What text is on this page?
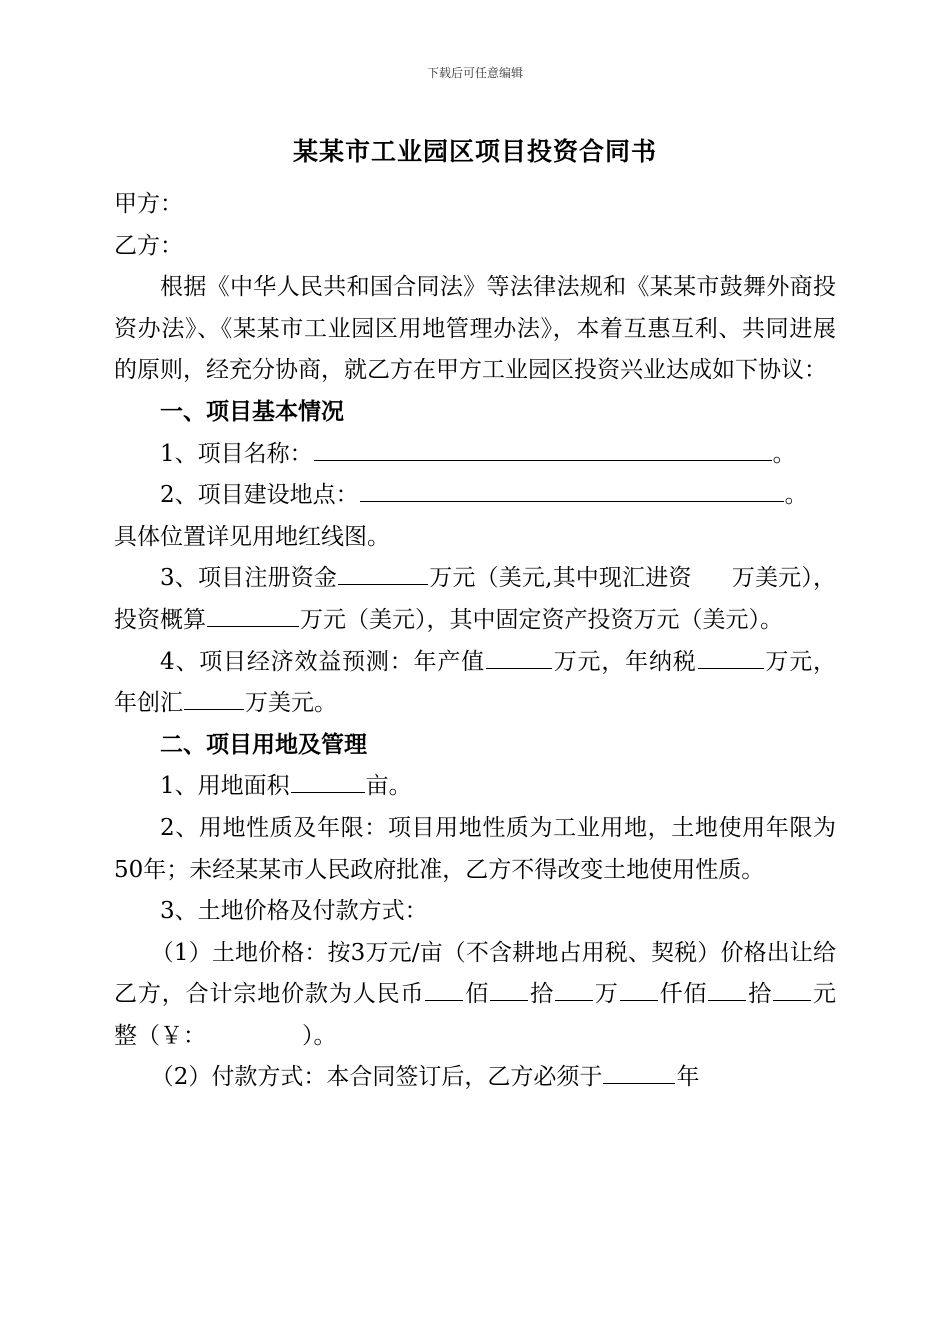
下载后可任意编辑
某某市工业园区项目投资合同书

甲方：

乙方：

根据《中华人民共和国合同法》等法律法规和《某某市鼓舞外商投资办法》、《某某市工业园区用地管理办法》，本着互惠互利、共同进展的原则，经充分协商，就乙方在甲方工业园区投资兴业达成如下协议：

一、项目基本情况

1、项目名称：	。

2、项目建设地点：	。

具体位置详见用地红线图。

3、项目注册资金	万元（美元,其中现汇进资 万美元），投资概算	万元（美元），其中固定资产投资万元（美元）。

4、项目经济效益预测：年产值	万元，年纳税	万元，年创汇	万美元。

二、项目用地及管理

1、用地面积	亩。

2、用地性质及年限：项目用地性质为工业用地，土地使用年限为50年；未经某某市人民政府批准，乙方不得改变土地使用性质。

3、土地价格及付款方式：

（1）土地价格：按3万元/亩（不含耕地占用税、契税）价格出让给乙方，合计宗地价款为人民币 佰 拾 万 仟佰 拾 元整（￥：	）。

（2）付款方式：本合同签订后，乙方必须于	年
